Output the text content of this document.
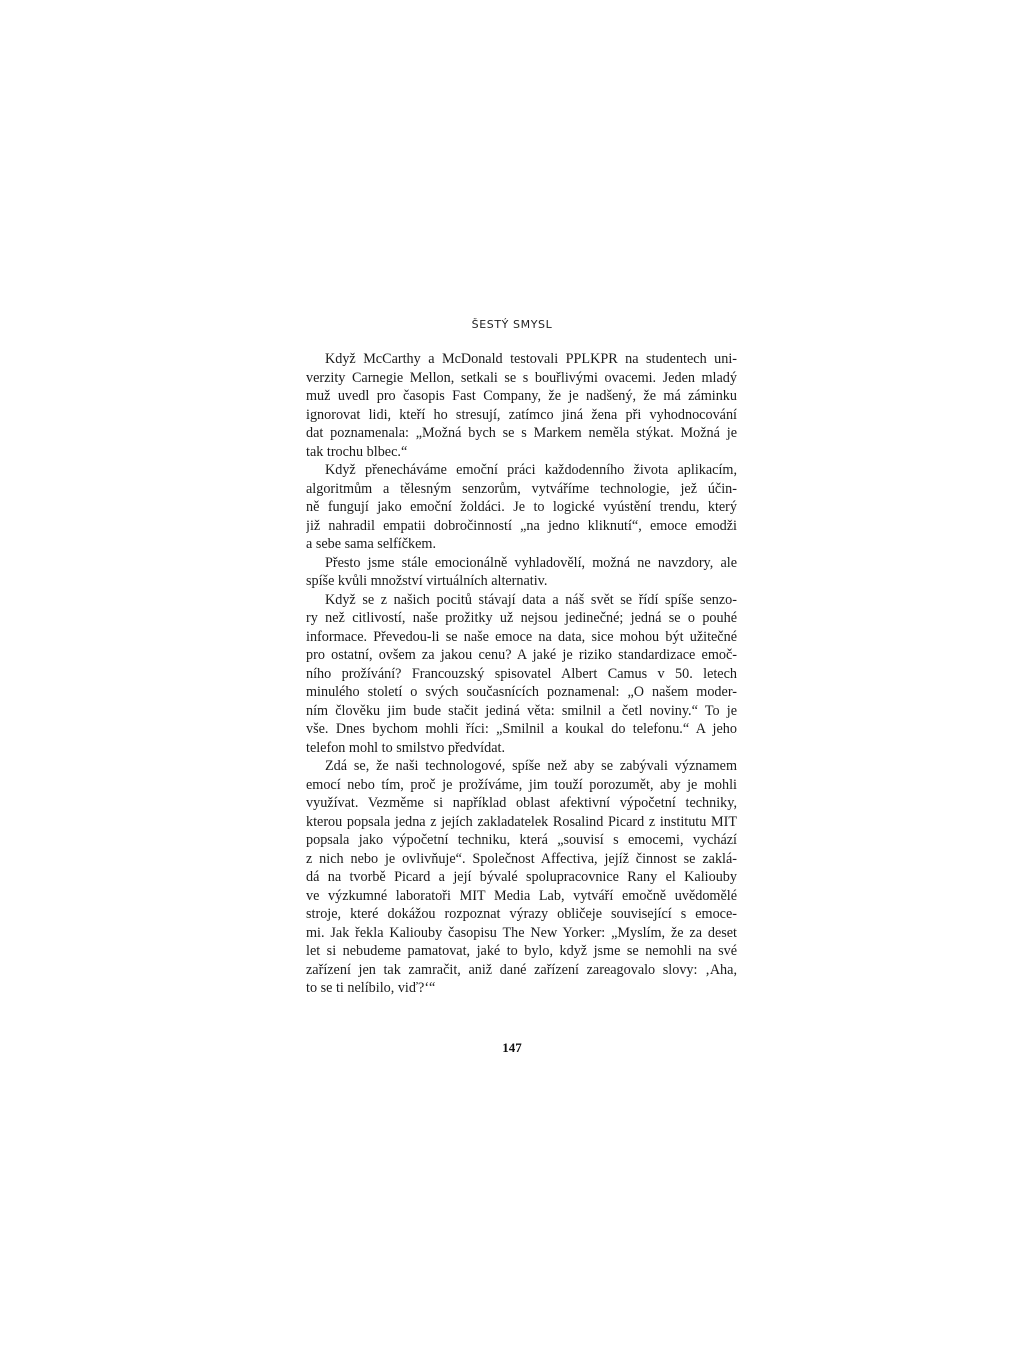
ŠESTÝ SMYSL
Když McCarthy a McDonald testovali PPLKPR na studentech uni-
verzity Carnegie Mellon, setkali se s bouřlivými ovacemi. Jeden mladý
muž uvedl pro časopis Fast Company, že je nadšený, že má záminku
ignorovat lidi, kteří ho stresují, zatímco jiná žena při vyhodnocování
dat poznamenala: „Možná bych se s Markem neměla stýkat. Možná je
tak trochu blbec.“
Když přenecháváme emoční práci každodenního života aplikacím,
algoritmům a tělesným senzorům, vytváříme technologie, jež účin-
ně fungují jako emoční žoldáci. Je to logické vyústění trendu, který
již nahradil empatii dobročinností „na jedno kliknutí“, emoce emodži
a sebe sama selfíčkem.
Přesto jsme stále emocionálně vyhladovělí, možná ne navzdory, ale
spíše kvůli množství virtuálních alternativ.
Když se z našich pocitů stávají data a náš svět se řídí spíše senzo-
ry než citlivostí, naše prožitky už nejsou jedinečné; jedná se o pouhé
informace. Převedou-li se naše emoce na data, sice mohou být užitečné
pro ostatní, ovšem za jakou cenu? A jaké je riziko standardizace emoč-
ního prožívání? Francouzský spisovatel Albert Camus v 50. letech
minulého století o svých současnících poznamenal: „O našem moder-
ním člověku jim bude stačit jediná věta: smilnil a četl noviny.“ To je
vše. Dnes bychom mohli říci: „Smilnil a koukal do telefonu.“ A jeho
telefon mohl to smilstvo předvídat.
Zdá se, že naši technologové, spíše než aby se zabývali významem
emocí nebo tím, proč je prožíváme, jim touží porozumět, aby je mohli
využívat. Vezměme si například oblast afektivní výpočetní techniky,
kterou popsala jedna z jejích zakladatelek Rosalind Picard z institutu MIT
popsala jako výpočetní techniku, která „souvisí s emocemi, vychází
z nich nebo je ovlivňuje“. Společnost Affectiva, jejíž činnost se zaklá-
dá na tvorbě Picard a její bývalé spolupracovnice Rany el Kaliouby
ve výzkumné laboratoři MIT Media Lab, vytváří emočně uvědomělé
stroje, které dokážou rozpoznat výrazy obličeje související s emoce-
mi. Jak řekla Kaliouby časopisu The New Yorker: „Myslím, že za deset
let si nebudeme pamatovat, jaké to bylo, když jsme se nemohli na své
zařízení jen tak zamračit, aniž dané zařízení zareagovalo slovy: ‚Aha,
to se ti nelíbilo, viď?‘“
147
